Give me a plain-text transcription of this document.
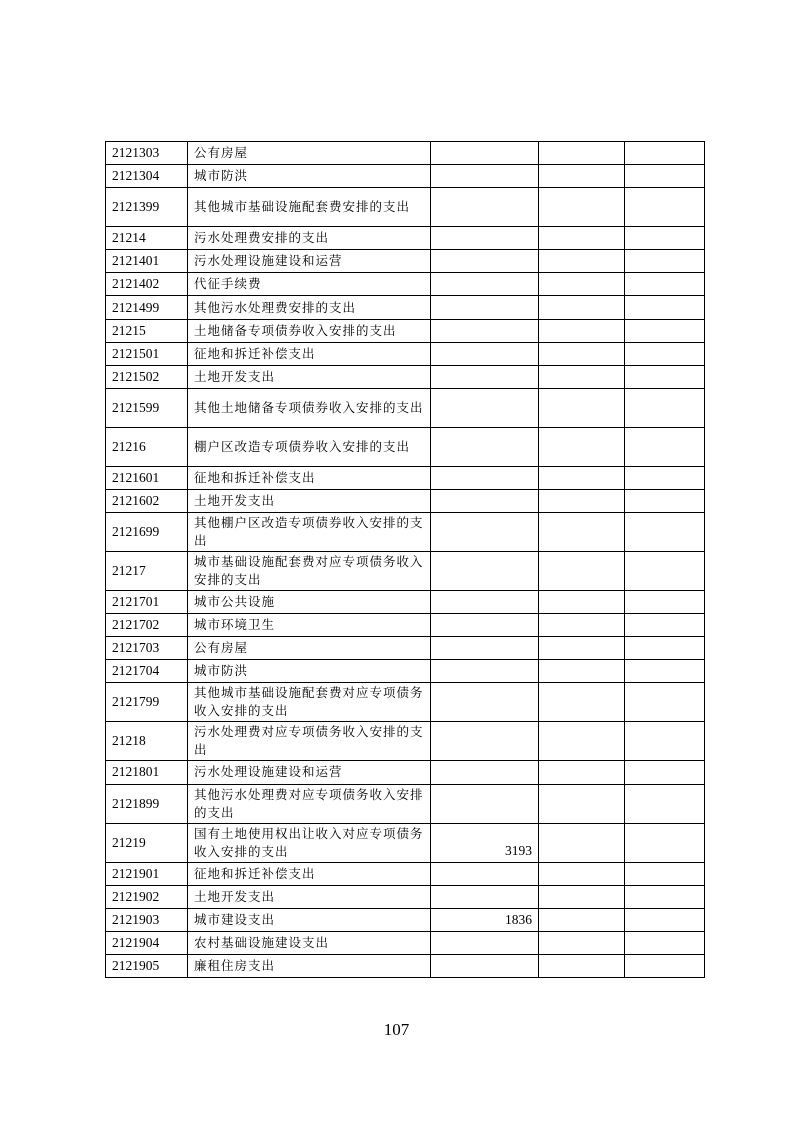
2121303	公有房屋			
2121304	城市防洪			
2121399	其他城市基础设施配套费安排的支出			
21214	污水处理费安排的支出			
2121401	污水处理设施建设和运营			
2121402	代征手续费			
2121499	其他污水处理费安排的支出			
21215	土地储备专项债券收入安排的支出			
2121501	征地和拆迁补偿支出			
2121502	土地开发支出			
2121599	其他土地储备专项债券收入安排的支出			
21216	棚户区改造专项债券收入安排的支出			
2121601	征地和拆迁补偿支出			
2121602	土地开发支出			
2121699	其他棚户区改造专项债券收入安排的支出			
21217	城市基础设施配套费对应专项债务收入安排的支出			
2121701	城市公共设施			
2121702	城市环境卫生			
2121703	公有房屋			
2121704	城市防洪			
2121799	其他城市基础设施配套费对应专项债务收入安排的支出			
21218	污水处理费对应专项债务收入安排的支出			
2121801	污水处理设施建设和运营			
2121899	其他污水处理费对应专项债务收入安排的支出			
21219	国有土地使用权出让收入对应专项债务收入安排的支出	3193		
2121901	征地和拆迁补偿支出			
2121902	土地开发支出			
2121903	城市建设支出	1836		
2121904	农村基础设施建设支出			
2121905	廉租住房支出			
107
